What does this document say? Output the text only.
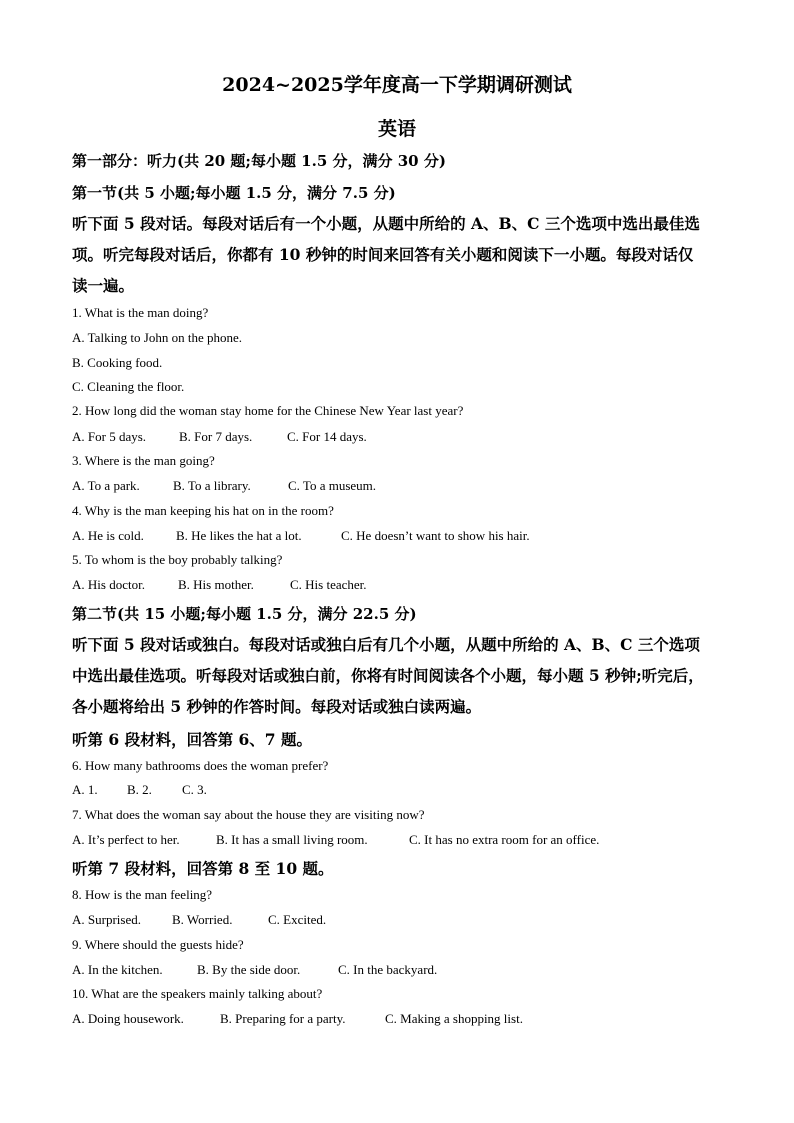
2024~2025学年度高一下学期调研测试
英语
第一部分：听力(共 20 题;每小题 1.5 分，满分 30 分)
第一节(共 5 小题;每小题 1.5 分，满分 7.5 分)
听下面 5 段对话。每段对话后有一个小题，从题中所给的 A、B、C 三个选项中选出最佳选
项。听完每段对话后，你都有 10 秒钟的时间来回答有关小题和阅读下一小题。每段对话仅
读一遍。
1. What is the man doing?
A. Talking to John on the phone.
B. Cooking food.
C. Cleaning the floor.
2. How long did the woman stay home for the Chinese New Year last year?
A. For 5 days.	B. For 7 days.	C. For 14 days.
3. Where is the man going?
A. To a park.	B. To a library.	C. To a museum.
4. Why is the man keeping his hat on in the room?
A. He is cold. B. He likes the hat a lot.	C. He doesn’t want to show his hair.
5. To whom is the boy probably talking?
A. His doctor.	B. His mother.	C. His teacher.
第二节(共 15 小题;每小题 1.5 分，满分 22.5 分)
听下面 5 段对话或独白。每段对话或独白后有几个小题，从题中所给的 A、B、C 三个选项
中选出最佳选项。听每段对话或独白前，你将有时间阅读各个小题，每小题 5 秒钟;听完后，
各小题将给出 5 秒钟的作答时间。每段对话或独白读两遍。
听第 6 段材料，回答第 6、7 题。
6. How many bathrooms does the woman prefer?
A. 1. B. 2. C. 3.
7. What does the woman say about the house they are visiting now?
A. It’s perfect to her.	B. It has a small living room.	C. It has no extra room for an office.
听第 7 段材料，回答第 8 至 10 题。
8. How is the man feeling?
A. Surprised. B. Worried.	C. Excited.
9. Where should the guests hide?
A. In the kitchen.	B. By the side door.	C. In the backyard.
10. What are the speakers mainly talking about?
A. Doing housework.	B. Preparing for a party.	C. Making a shopping list.
